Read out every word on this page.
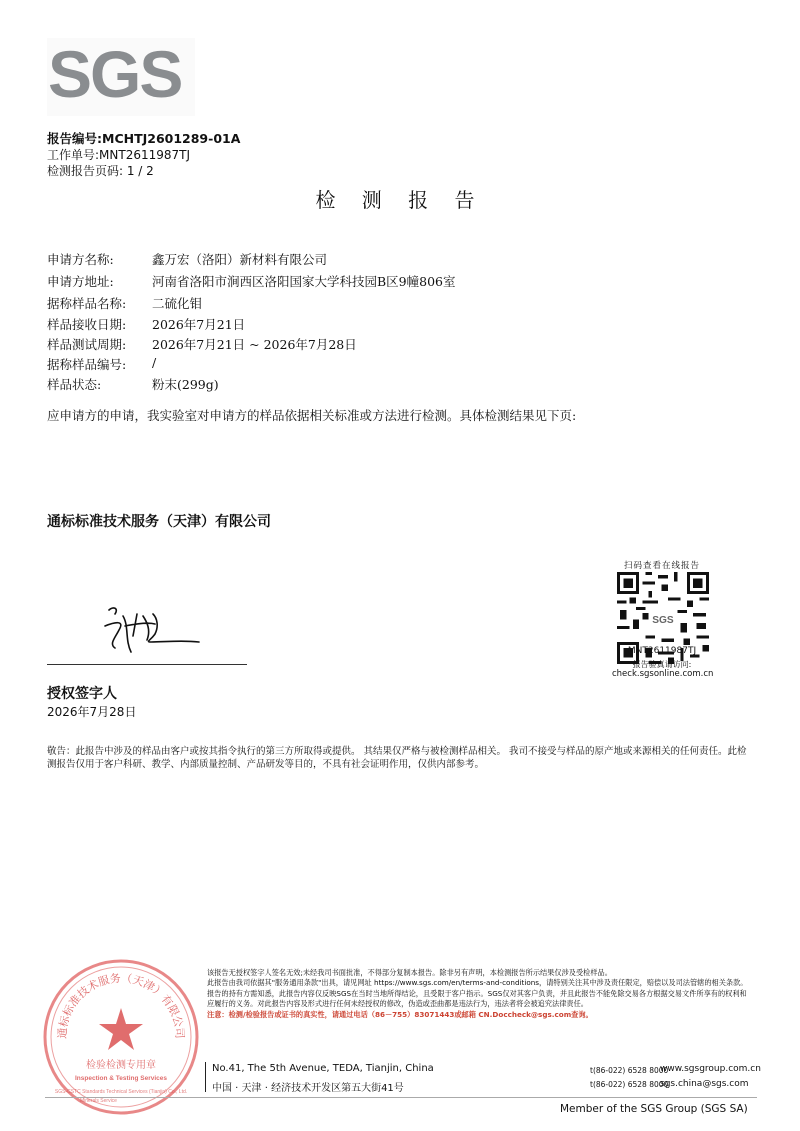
SGS
报告编号:MCHTJ2601289-01A
工作单号:MNT2611987TJ
检测报告页码: 1 / 2
检 测 报 告
申请方名称:	鑫万宏（洛阳）新材料有限公司
申请方地址:	河南省洛阳市涧西区洛阳国家大学科技园B区9幢806室
据称样品名称: 二硫化钼
样品接收日期: 2026年7月21日
样品测试周期: 2026年7月21日 ~ 2026年7月28日
据称样品编号: /
样品状态:	粉末(299g)
应申请方的申请，我实验室对申请方的样品依据相关标准或方法进行检测。具体检测结果见下页:
通标标准技术服务（天津）有限公司
扫码查看在线报告
SGS
MNT2611987TJ
报告验真请访问:
check.sgsonline.com.cn
授权签字人
2026年7月28日
敬告：此报告中涉及的样品由客户或按其指令执行的第三方所取得或提供。 其结果仅严格与被检测样品相关。 我司不接受与样品的原产地或来源相关的任何责任。此检测报告仅用于客户科研、教学、内部质量控制、产品研发等目的，不具有社会证明作用，仅供内部参考。
通标标准技术服务（天津）有限公司
检验检测专用章
Inspection & Testing Services
SGS-CSTC Standards Technical Services (Tianjin) Co., Ltd.
Minerals Service
该报告无授权签字人签名无效;未经我司书面批准，不得部分复制本报告。除非另有声明，本检测报告所示结果仅涉及受检样品。
此报告由我司依据其"服务通用条款"出具，请见网址 https://www.sgs.com/en/terms-and-conditions，请特别关注其中涉及责任限定，赔偿以及司法管辖的相关条款。
报告的持有方需知悉，此报告内容仅反映SGS在当时当地所得结论，且受限于客户指示。SGS仅对其客户负责，并且此报告不能免除交易各方根据交易文件所享有的权利和应履行的义务。对此报告内容及形式进行任何未经授权的修改，伪造或歪曲都是违法行为，违法者将会被追究法律责任。
注意：检测/检验报告或证书的真实性，请通过电话（86－755）83071443或邮箱 CN.Doccheck@sgs.com查询。
No.41, The 5th Avenue, TEDA, Tianjin, China
中国 · 天津 · 经济技术开发区第五大街41号
t(86-022) 6528 8000
www.sgsgroup.com.cn
t(86-022) 6528 8000
sgs.china@sgs.com
Member of the SGS Group (SGS SA)
